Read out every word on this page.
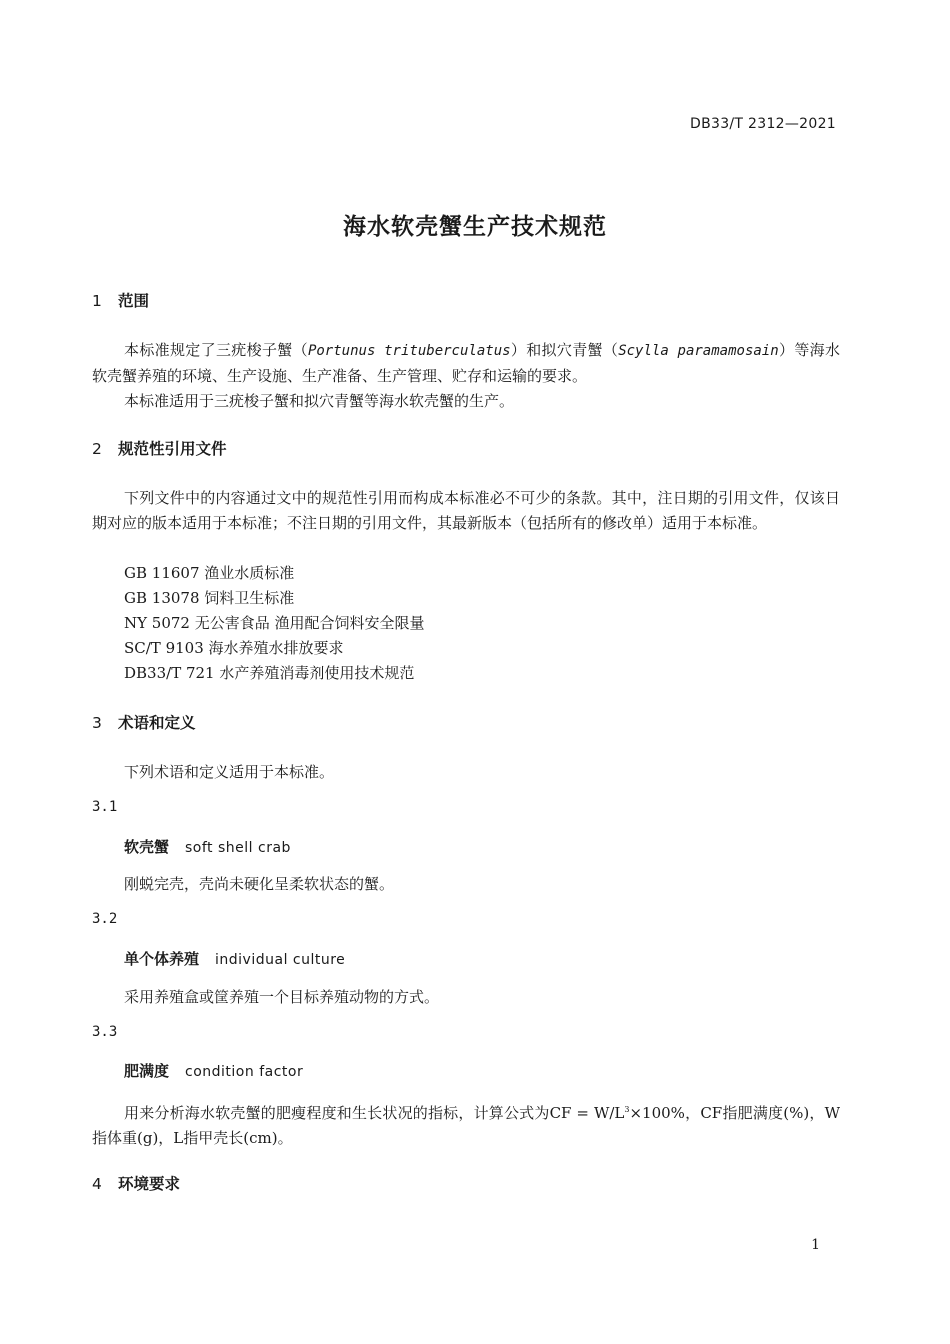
DB33/T 2312—2021
海水软壳蟹生产技术规范
1 范围
本标准规定了三疣梭子蟹（Portunus trituberculatus）和拟穴青蟹（Scylla paramamosain）等海水软壳蟹养殖的环境、生产设施、生产准备、生产管理、贮存和运输的要求。
本标准适用于三疣梭子蟹和拟穴青蟹等海水软壳蟹的生产。
2 规范性引用文件
下列文件中的内容通过文中的规范性引用而构成本标准必不可少的条款。其中，注日期的引用文件，仅该日期对应的版本适用于本标准；不注日期的引用文件，其最新版本（包括所有的修改单）适用于本标准。
GB 11607 渔业水质标准
GB 13078 饲料卫生标准
NY 5072 无公害食品 渔用配合饲料安全限量
SC/T 9103 海水养殖水排放要求
DB33/T 721 水产养殖消毒剂使用技术规范
3 术语和定义
下列术语和定义适用于本标准。
3.1
软壳蟹 soft shell crab
刚蜕完壳，壳尚未硬化呈柔软状态的蟹。
3.2
单个体养殖 individual culture
采用养殖盒或筐养殖一个目标养殖动物的方式。
3.3
肥满度 condition factor
用来分析海水软壳蟹的肥瘦程度和生长状况的指标，计算公式为CF = $W/L^3\times 100\%$，CF指肥满度(%)，W指体重(g)，L指甲壳长(cm)。
4 环境要求
1
